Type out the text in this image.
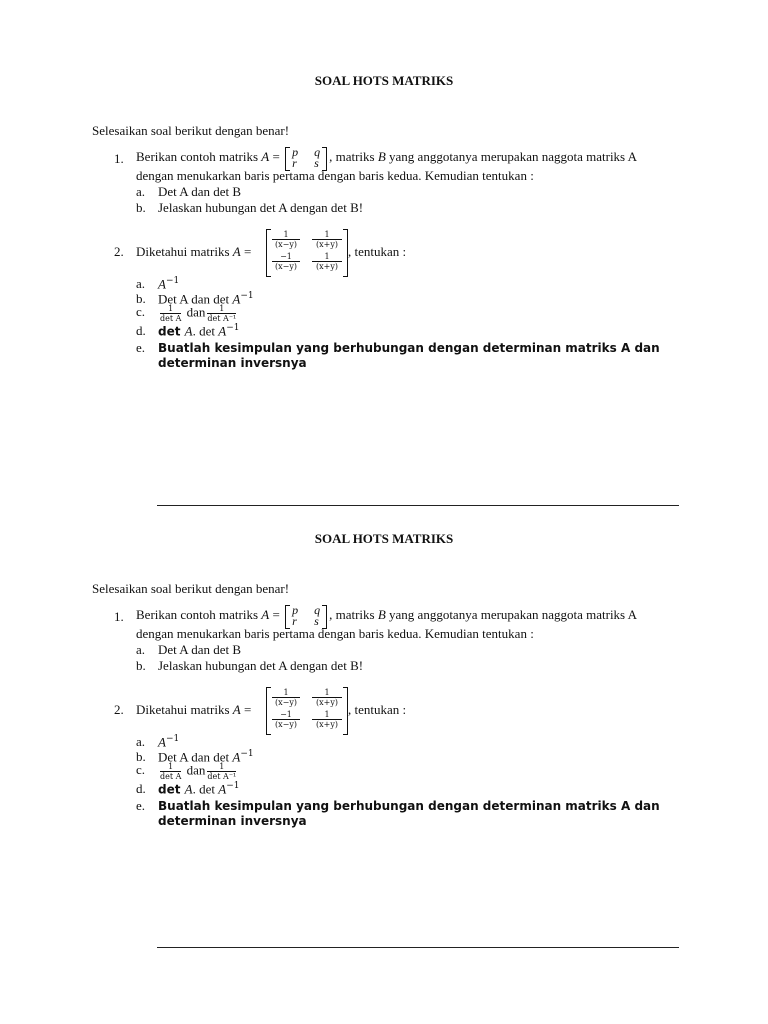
SOAL HOTS MATRIKS
Selesaikan soal berikut dengan benar!
1. Berikan contoh matriks A = p q
r s , matriks B yang anggotanya merupakan naggota matriks A
dengan menukarkan baris pertama dengan baris kedua. Kemudian tentukan :
a. Det A dan det B
b. Jelaskan hubungan det A dengan det B!
2. Diketahui matriks A =
$\frac{1}{(x-y)} \frac{1}{(x+y)}$
$\frac{-1}{(x-y)} \frac{1}{(x+y)}$
, tentukan :
a. $A^{-1}$
b. Det A dan $\det A^{-1}$
c. $\frac{1}{\text{det A}}$ dan $\frac{1}{\text{det A⁻¹}}$
d. det A. $\det A^{-1}$
e. Buatlah kesimpulan yang berhubungan dengan determinan matriks A dan
determinan inversnya
SOAL HOTS MATRIKS
Selesaikan soal berikut dengan benar!
1. Berikan contoh matriks A = p q
r s , matriks B yang anggotanya merupakan naggota matriks A
dengan menukarkan baris pertama dengan baris kedua. Kemudian tentukan :
a. Det A dan det B
b. Jelaskan hubungan det A dengan det B!
2. Diketahui matriks A =
$\frac{1}{(x-y)} \frac{1}{(x+y)}$
$\frac{-1}{(x-y)} \frac{1}{(x+y)}$
, tentukan :
a. $A^{-1}$
b. Det A dan $\det A^{-1}$
c. $\frac{1}{\text{det A}}$ dan $\frac{1}{\text{det A⁻¹}}$
d. det A. $\det A^{-1}$
e. Buatlah kesimpulan yang berhubungan dengan determinan matriks A dan
determinan inversnya
